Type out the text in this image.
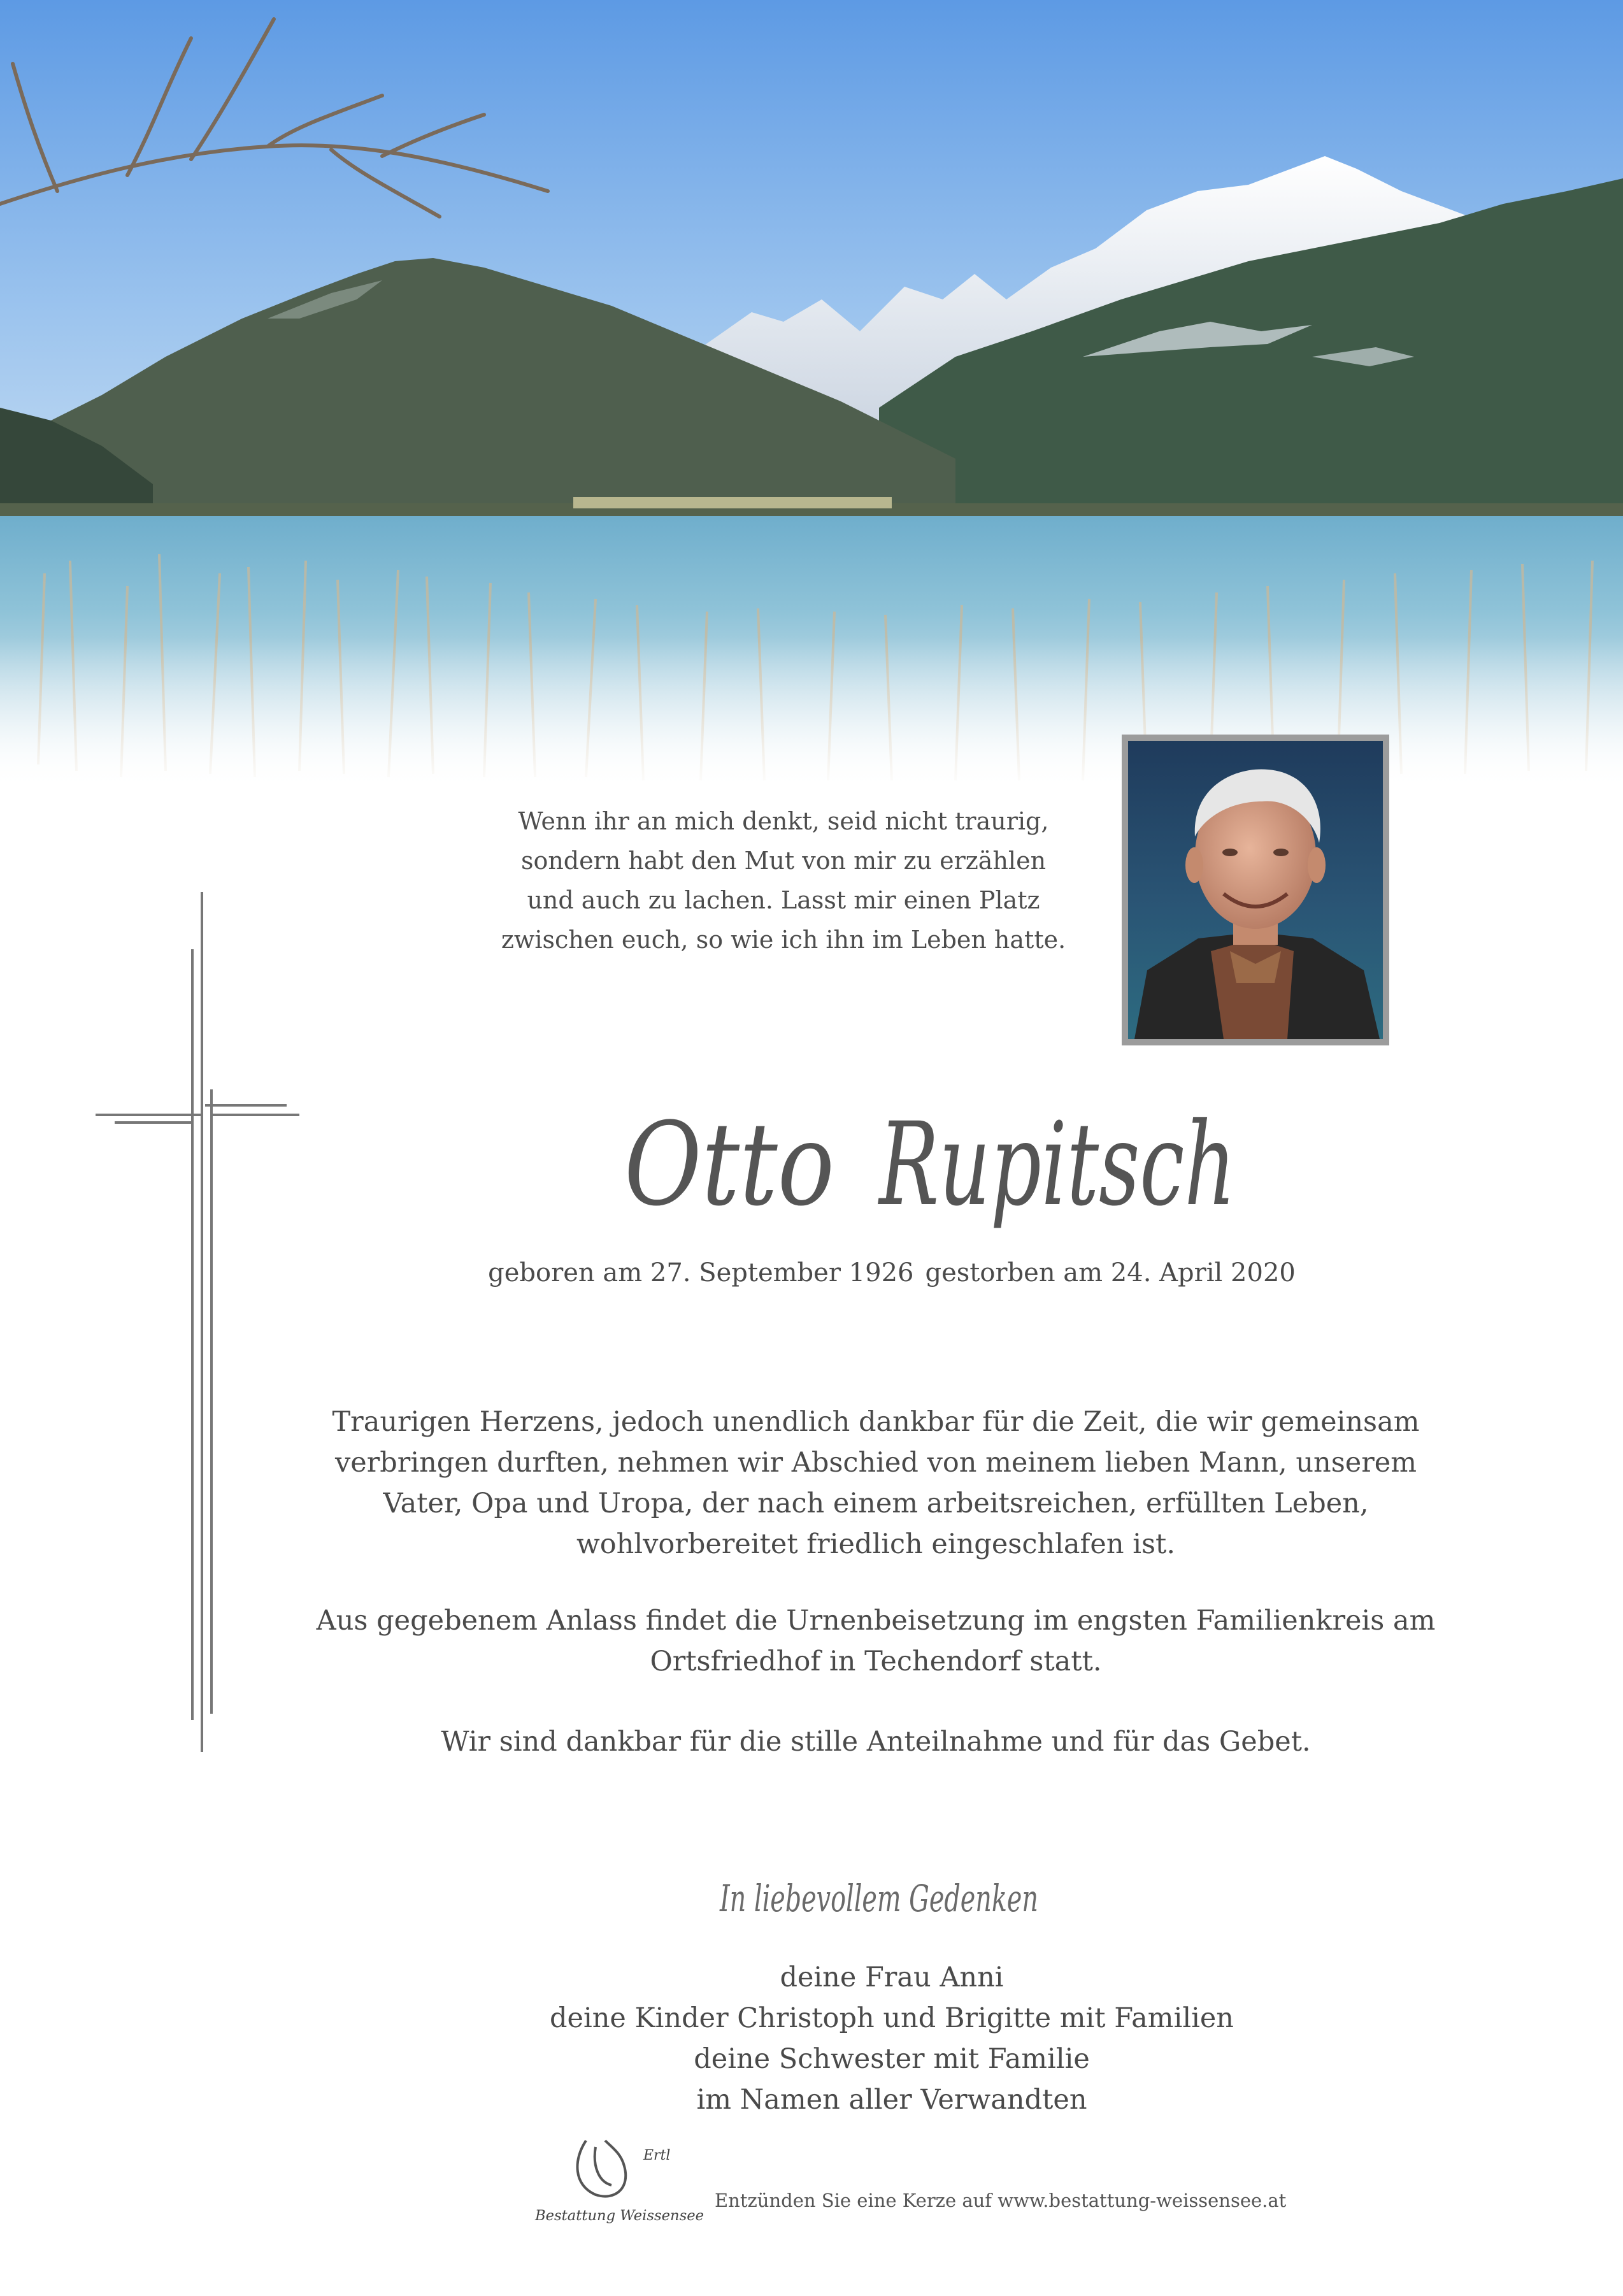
Wenn ihr an mich denkt, seid nicht traurig,
sondern habt den Mut von mir zu erzählen
und auch zu lachen. Lasst mir einen Platz
zwischen euch, so wie ich ihn im Leben hatte.
Otto Rupitsch
geboren am 27. September 1926 gestorben am 24. April 2020
Traurigen Herzens, jedoch unendlich dankbar für die Zeit, die wir gemeinsam
verbringen durften, nehmen wir Abschied von meinem lieben Mann, unserem
Vater, Opa und Uropa, der nach einem arbeitsreichen, erfüllten Leben,
wohlvorbereitet friedlich eingeschlafen ist.
Aus gegebenem Anlass findet die Urnenbeisetzung im engsten Familienkreis am
Ortsfriedhof in Techendorf statt.
Wir sind dankbar für die stille Anteilnahme und für das Gebet.
In liebevollem Gedenken
deine Frau Anni
deine Kinder Christoph und Brigitte mit Familien
deine Schwester mit Familie
im Namen aller Verwandten
Ertl
Bestattung Weissensee
Entzünden Sie eine Kerze auf www.bestattung-weissensee.at
